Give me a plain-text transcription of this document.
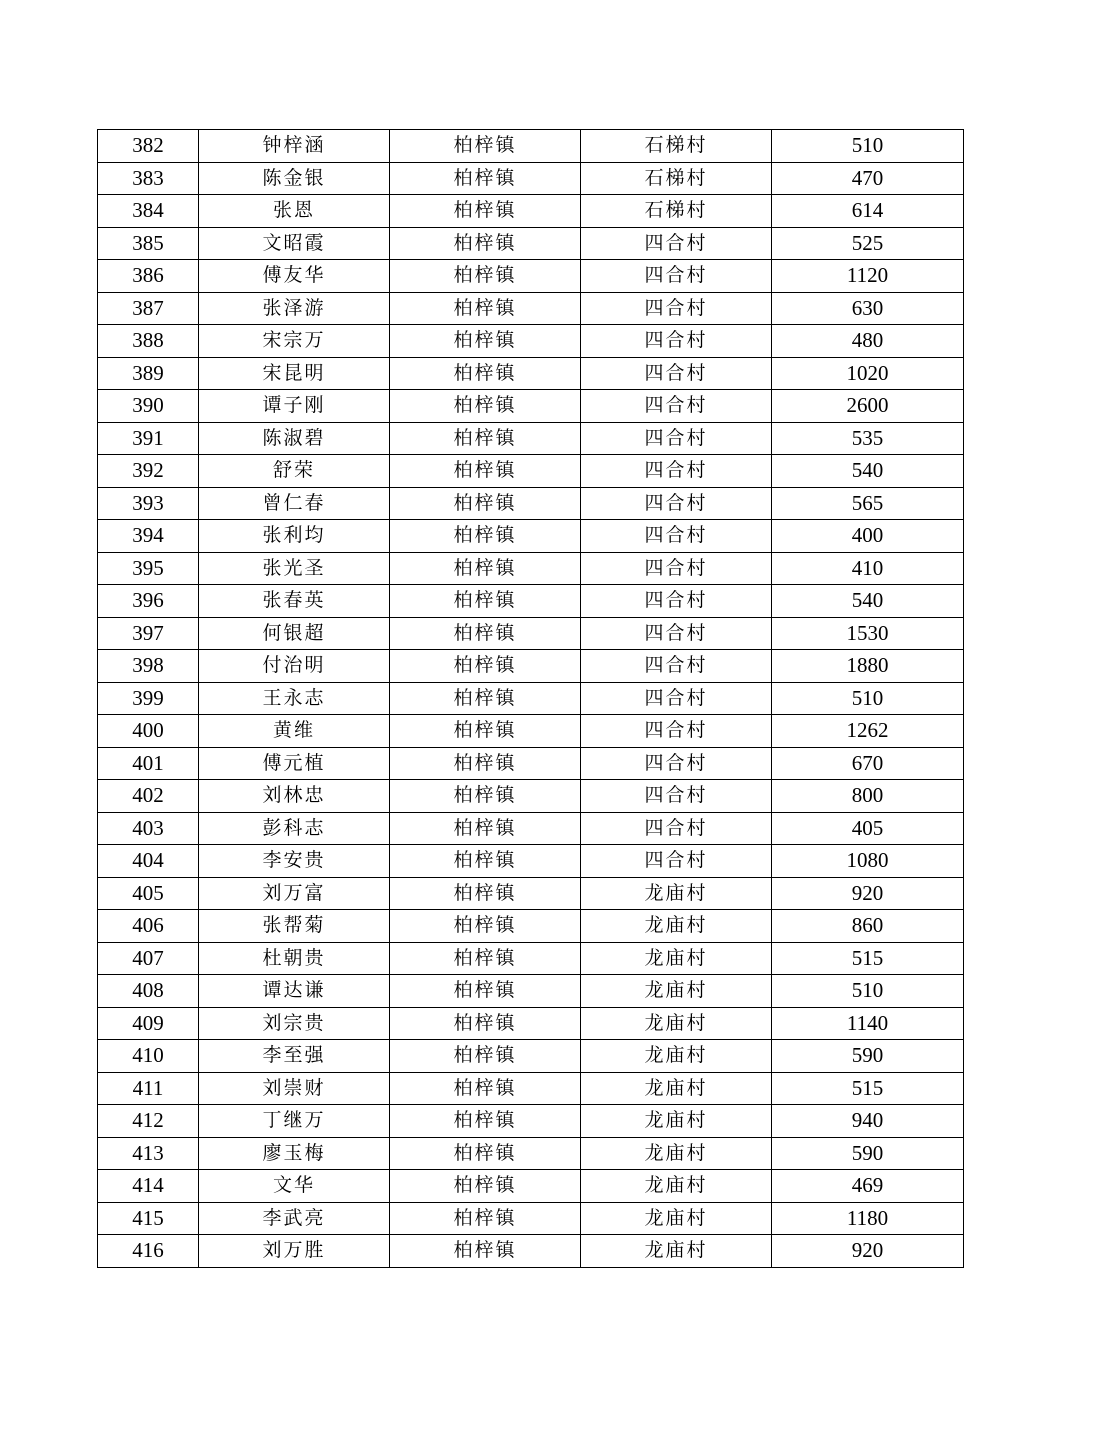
382	钟梓涵	柏梓镇	石梯村	510
383	陈金银	柏梓镇	石梯村	470
384	张恩	柏梓镇	石梯村	614
385	文昭霞	柏梓镇	四合村	525
386	傅友华	柏梓镇	四合村	1120
387	张泽游	柏梓镇	四合村	630
388	宋宗万	柏梓镇	四合村	480
389	宋昆明	柏梓镇	四合村	1020
390	谭子刚	柏梓镇	四合村	2600
391	陈淑碧	柏梓镇	四合村	535
392	舒荣	柏梓镇	四合村	540
393	曾仁春	柏梓镇	四合村	565
394	张利均	柏梓镇	四合村	400
395	张光圣	柏梓镇	四合村	410
396	张春英	柏梓镇	四合村	540
397	何银超	柏梓镇	四合村	1530
398	付治明	柏梓镇	四合村	1880
399	王永志	柏梓镇	四合村	510
400	黄维	柏梓镇	四合村	1262
401	傅元植	柏梓镇	四合村	670
402	刘林忠	柏梓镇	四合村	800
403	彭科志	柏梓镇	四合村	405
404	李安贵	柏梓镇	四合村	1080
405	刘万富	柏梓镇	龙庙村	920
406	张帮菊	柏梓镇	龙庙村	860
407	杜朝贵	柏梓镇	龙庙村	515
408	谭达谦	柏梓镇	龙庙村	510
409	刘宗贵	柏梓镇	龙庙村	1140
410	李至强	柏梓镇	龙庙村	590
411	刘崇财	柏梓镇	龙庙村	515
412	丁继万	柏梓镇	龙庙村	940
413	廖玉梅	柏梓镇	龙庙村	590
414	文华	柏梓镇	龙庙村	469
415	李武亮	柏梓镇	龙庙村	1180
416	刘万胜	柏梓镇	龙庙村	920
